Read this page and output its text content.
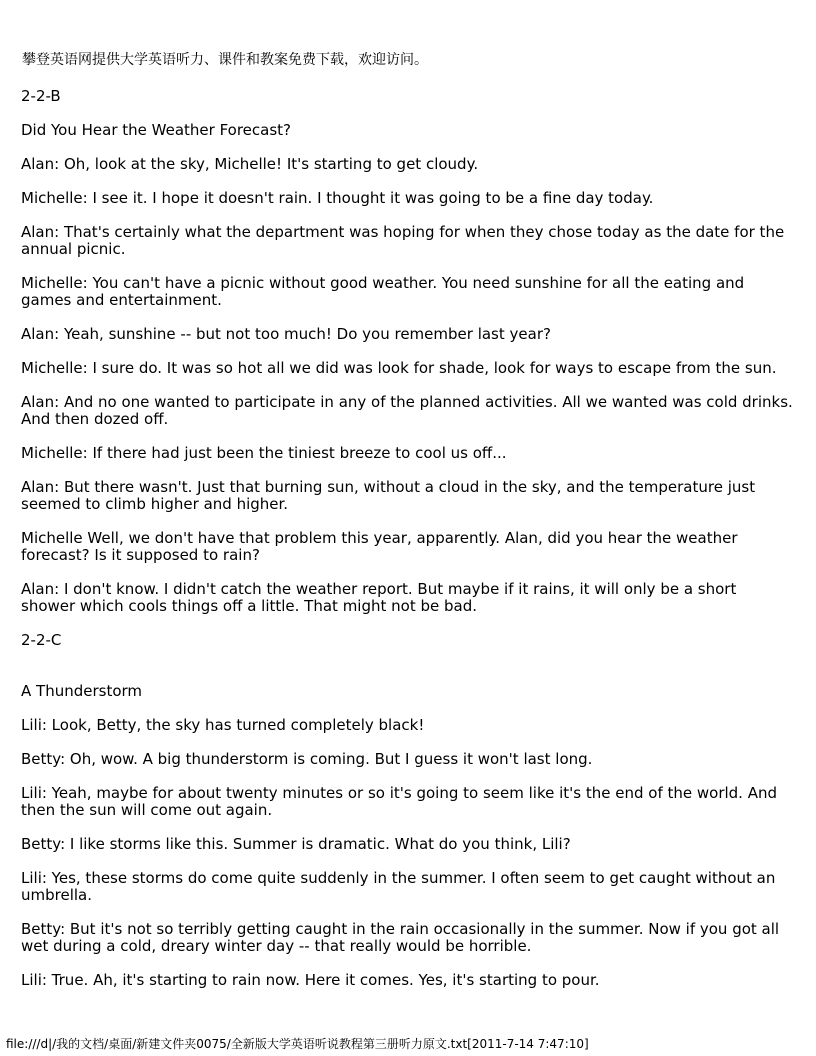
攀登英语网提供大学英语听力、课件和教案免费下载，欢迎访问。

2-2-B

Did You Hear the Weather Forecast?

Alan: Oh, look at the sky, Michelle! It's starting to get cloudy.

Michelle: I see it. I hope it doesn't rain. I thought it was going to be a fine day today.

Alan: That's certainly what the department was hoping for when they chose today as the date for the annual picnic.

Michelle: You can't have a picnic without good weather. You need sunshine for all the eating and games and entertainment.

Alan: Yeah, sunshine -- but not too much! Do you remember last year?

Michelle: I sure do. It was so hot all we did was look for shade, look for ways to escape from the sun.

Alan: And no one wanted to participate in any of the planned activities. All we wanted was cold drinks. And then dozed off.

Michelle: If there had just been the tiniest breeze to cool us off...

Alan: But there wasn't. Just that burning sun, without a cloud in the sky, and the temperature just seemed to climb higher and higher.

Michelle Well, we don't have that problem this year, apparently. Alan, did you hear the weather forecast? Is it supposed to rain?

Alan: I don't know. I didn't catch the weather report. But maybe if it rains, it will only be a short shower which cools things off a little. That might not be bad.

2-2-C

A Thunderstorm

Lili: Look, Betty, the sky has turned completely black!

Betty: Oh, wow. A big thunderstorm is coming. But I guess it won't last long.

Lili: Yeah, maybe for about twenty minutes or so it's going to seem like it's the end of the world. And then the sun will come out again.

Betty: I like storms like this. Summer is dramatic. What do you think, Lili?

Lili: Yes, these storms do come quite suddenly in the summer. I often seem to get caught without an umbrella.

Betty: But it's not so terribly getting caught in the rain occasionally in the summer. Now if you got all wet during a cold, dreary winter day -- that really would be horrible.

Lili: True. Ah, it's starting to rain now. Here it comes. Yes, it's starting to pour.

file:///d|/我的文档/桌面/新建文件夹0075/全新版大学英语听说教程第三册听力原文.txt[2011-7-14 7:47:10]
